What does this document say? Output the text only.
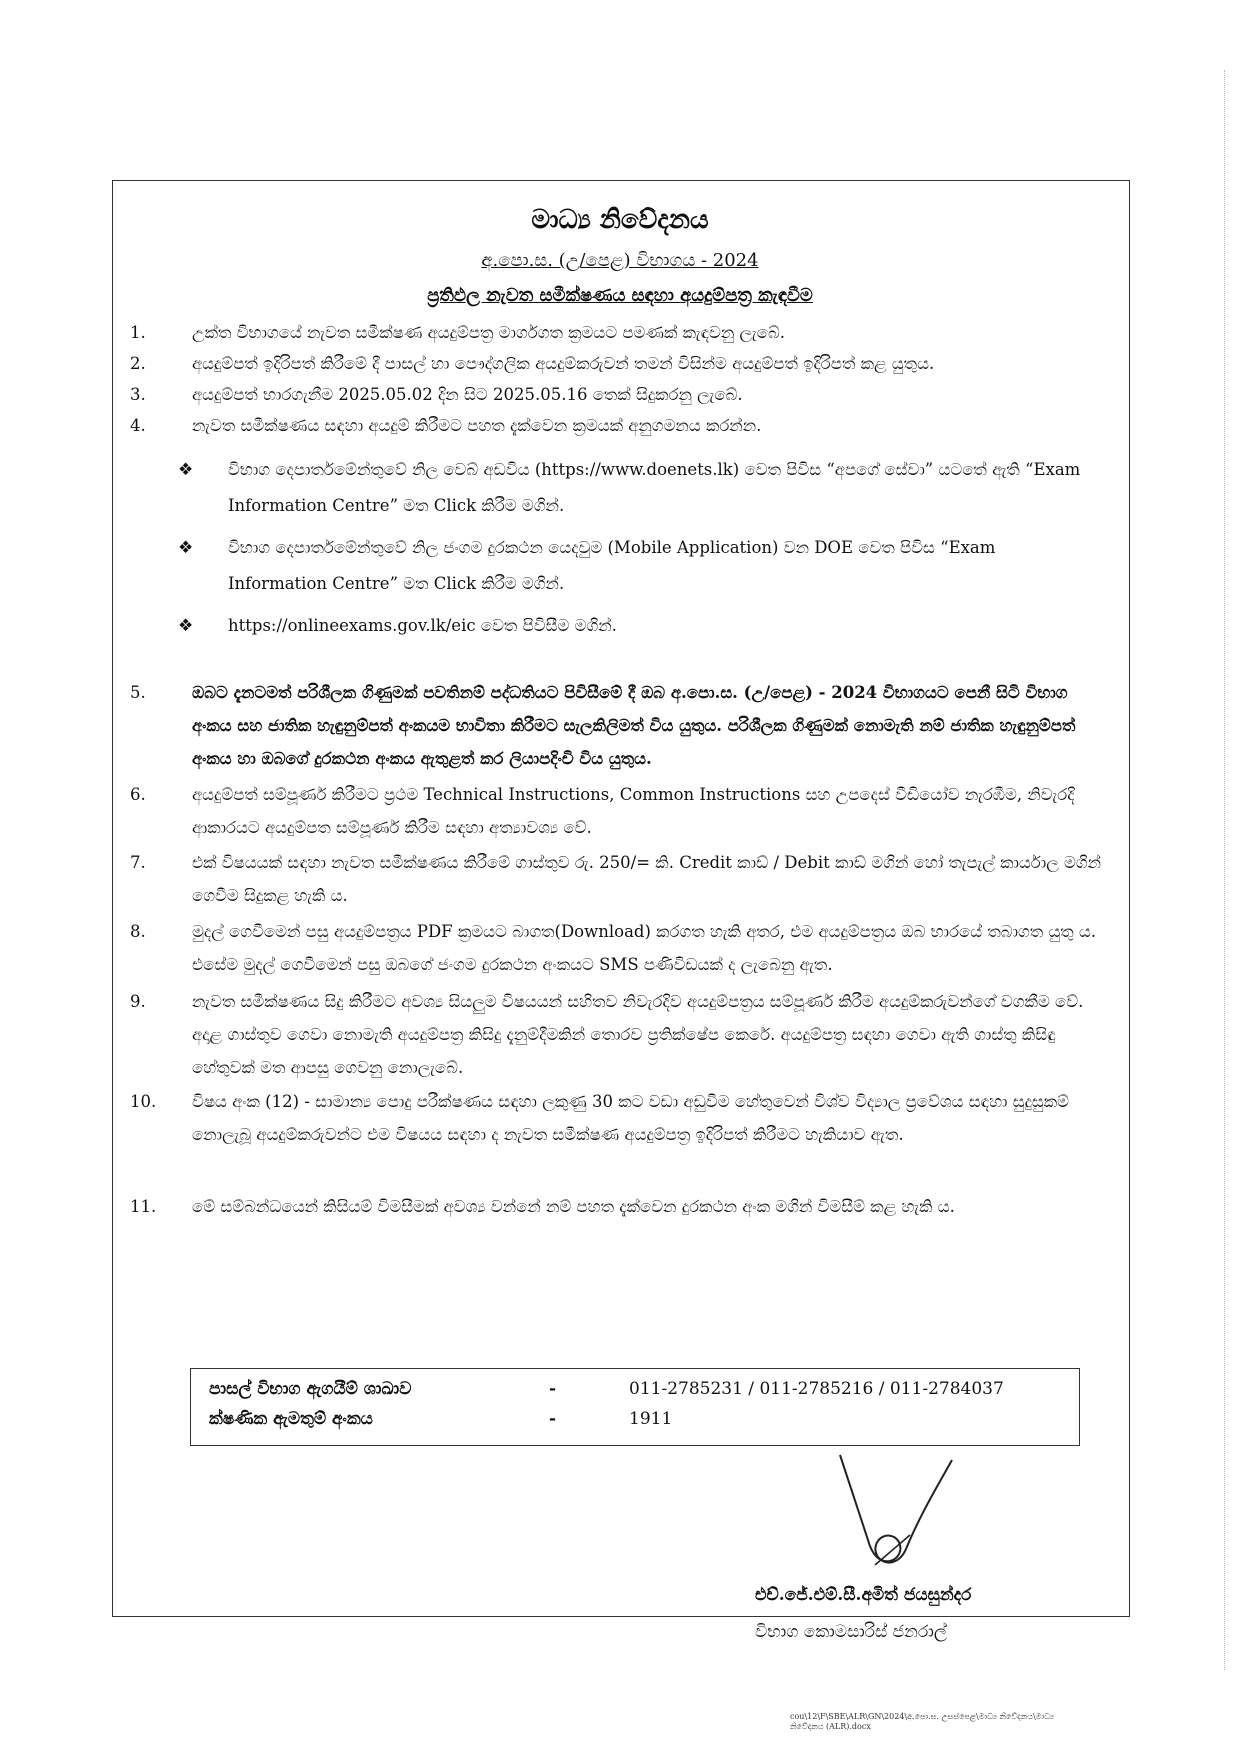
මාධ්‍ය නිවේදනය
අ.පො.ස. (උ/පෙළ) විභාගය - 2024
ප්‍රතිඵල නැවත සමීක්ෂණය සඳහා අයදුම්පත්‍ර කැඳවීම
1.	උක්ත විභාගයේ නැවත සමීක්ෂණ අයදුම්පත්‍ර මාර්ගගත ක්‍රමයට පමණක් කැඳවනු ලැබේ.
2.	අයදුම්පත් ඉදිරිපත් කිරීමේ දී පාසල් හා පෞද්ගලික අයදුම්කරුවන් තමන් විසින්ම අයදුම්පත් ඉදිරිපත් කළ යුතුය.
3.	අයදුම්පත් භාරගැනීම 2025.05.02 දින සිට 2025.05.16 තෙක් සිදුකරනු ලැබේ.
4.	නැවත සමීක්ෂණය සඳහා අයදුම් කිරීමට පහත දැක්වෙන ක්‍රමයක් අනුගමනය කරන්න.
❖ විභාග දෙපාර්තමේන්තුවේ නිල වෙබ් අඩවිය (https://www.doenets.lk) වෙත පිවිස “අපගේ සේවා” යටතේ ඇති “Exam Information Centre” මත Click කිරීම මගින්.
❖ විභාග දෙපාර්තමේන්තුවේ නිල ජංගම දුරකථන යෙදවුම (Mobile Application) වන DOE වෙත පිවිස “Exam Information Centre” මත Click කිරීම මගින්.
❖ https://onlineexams.gov.lk/eic වෙත පිවිසීම මගින්.
5.	ඔබට දැනටමත් පරිශීලක ගිණුමක් පවතිනම් පද්ධතියට පිවිසීමේ දී ඔබ අ.පො.ස. (උ/පෙළ) - 2024 විභාගයට පෙනී සිටි විභාග අංකය සහ ජාතික හැඳුනුම්පත් අංකයම භාවිතා කිරීමට සැලකිලිමත් විය යුතුය. පරිශීලක ගිණුමක් නොමැති නම් ජාතික හැඳුනුම්පත් අංකය හා ඔබගේ දුරකථන අංකය ඇතුළත් කර ලියාපදිංචි විය යුතුය.
6.	අයදුම්පත් සම්පූර්ණ කිරීමට ප්‍රථම Technical Instructions, Common Instructions සහ උපදෙස් වීඩියෝව නැරඹීම, නිවැරදි ආකාරයට අයදුම්පත සම්පූර්ණ කිරීම සඳහා අත්‍යාවශ්‍ය වේ.
7.	එක් විෂයයක් සඳහා නැවත සමීක්ෂණය කිරීමේ ගාස්තුව රු. 250/= කි. Credit කාඩ් / Debit කාඩ් මගින් හෝ තැපැල් කාර්යාල මගින් ගෙවීම සිදුකළ හැකි ය.
8.	මුදල් ගෙවීමෙන් පසු අයදුම්පත්‍රය PDF ක්‍රමයට බාගත(Download) කරගත හැකි අතර, එම අයදුම්පත්‍රය ඔබ භාරයේ තබාගත යුතු ය. එසේම මුදල් ගෙවීමෙන් පසු ඔබගේ ජංගම දුරකථන අංකයට SMS පණිවිඩයක් ද ලැබෙනු ඇත.
9.	නැවත සමීක්ෂණය සිදු කිරීමට අවශ්‍ය සියලුම විෂයයන් සහිතව නිවැරදිව අයදුම්පත්‍රය සම්පූර්ණ කිරීම අයදුම්කරුවන්ගේ වගකීම වේ. අදාළ ගාස්තුව ගෙවා නොමැති අයදුම්පත්‍ර කිසිදු දැනුම්දීමකින් තොරව ප්‍රතික්ෂේප කෙරේ. අයදුම්පත්‍ර සඳහා ගෙවා ඇති ගාස්තු කිසිඳු හේතුවක් මත ආපසු ගෙවනු නොලැබේ.
10.	විෂය අංක (12) - සාමාන්‍ය පොදු පරීක්ෂණය සඳහා ලකුණු 30 කට වඩා අඩුවීම හේතුවෙන් විශ්ව විද්‍යාල ප්‍රවේශය සඳහා සුදුසුකම් නොලැබූ අයදුම්කරුවන්ට එම විෂයය සඳහා ද නැවත සමීක්ෂණ අයදුම්පත්‍ර ඉදිරිපත් කිරීමට හැකියාව ඇත.
11.	මේ සම්බන්ධයෙන් කිසියම් විමසීමක් අවශ්‍ය වන්නේ නම් පහත දැක්වෙන දුරකථන අංක මගින් විමසීම් කළ හැකි ය.
පාසල් විභාග ඇගයීම් ශාඛාව	-	011-2785231 / 011-2785216 / 011-2784037
ක්ෂණික ඇමතුම් අංකය	-	1911
එච්.ජේ.එම්.සී.අමිත් ජයසුන්දර
විභාග කොමසාරිස් ජනරාල්
cou\12\F\SBE\ALR\GN\2024\අ.පො.ස. උසස්පෙළ\මාධ්‍ය නිවේදනය\මාධ්‍ය නිවේදනය (ALR).docx
